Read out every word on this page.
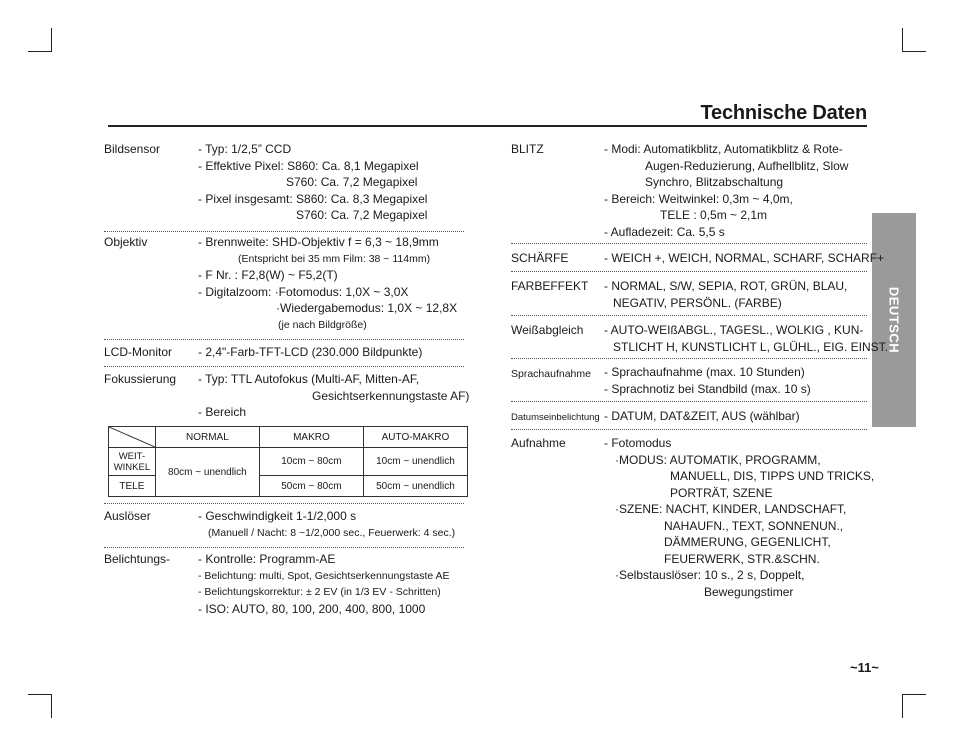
Technische Daten
DEUTSCH
Bildsensor	- Typ: 1/2,5” CCD
- Effektive Pixel: S860: Ca. 8,1 Megapixel
S760: Ca. 7,2 Megapixel
- Pixel insgesamt: S860: Ca. 8,3 Megapixel
S760: Ca. 7,2 Megapixel
Objektiv	- Brennweite: SHD-Objektiv f = 6,3 ~ 18,9mm
(Entspricht bei 35 mm Film: 38 ~ 114mm)
- F Nr. : F2,8(W) ~ F5,2(T)
- Digitalzoom: ·Fotomodus: 1,0X ~ 3,0X
·Wiedergabemodus: 1,0X ~ 12,8X
(je nach Bildgröße)
LCD-Monitor - 2,4"-Farb-TFT-LCD (230.000 Bildpunkte)
Fokussierung - Typ: TTL Autofokus (Multi-AF, Mitten-AF,
Gesichtserkennungstaste AF)
- Bereich
Auslöser	- Geschwindigkeit 1-1/2,000 s
(Manuell / Nacht: 8 ~1/2,000 sec., Feuerwerk: 4 sec.)
Belichtungs- - Kontrolle: Programm-AE
- Belichtung: multi, Spot, Gesichtserkennungstaste AE
- Belichtungskorrektur: ± 2 EV (in 1/3 EV - Schritten)
- ISO: AUTO, 80, 100, 200, 400, 800, 1000
	NORMAL	MAKRO	AUTO-MAKRO
WEIT-
WINKEL	80cm ~ unendlich	10cm ~ 80cm	10cm ~ unendlich
TELE		50cm ~ 80cm	50cm ~ unendlich
BLITZ	- Modi: Automatikblitz, Automatikblitz & Rote-
Augen-Reduzierung, Aufhellblitz, Slow
Synchro, Blitzabschaltung
- Bereich: Weitwinkel: 0,3m ~ 4,0m,
TELE : 0,5m ~ 2,1m
- Aufladezeit: Ca. 5,5 s
SCHÄRFE	- WEICH +, WEICH, NORMAL, SCHARF, SCHARF+
FARBEFFEKT - NORMAL, S/W, SEPIA, ROT, GRÜN, BLAU,
NEGATIV, PERSÖNL. (FARBE)
Weißabgleich - AUTO-WEIßABGL., TAGESL., WOLKIG , KUN-
STLICHT H, KUNSTLICHT L, GLÜHL., EIG. EINST.
Sprachaufnahme - Sprachaufnahme (max. 10 Stunden)
- Sprachnotiz bei Standbild (max. 10 s)
Datumseinbelichtung - DATUM, DAT&ZEIT, AUS (wählbar)
Aufnahme	- Fotomodus
·MODUS: AUTOMATIK, PROGRAMM,
MANUELL, DIS, TIPPS UND TRICKS,
PORTRÄT, SZENE
·SZENE: NACHT, KINDER, LANDSCHAFT,
NAHAUFN., TEXT, SONNENUN.,
DÄMMERUNG, GEGENLICHT,
FEUERWERK, STR.&SCHN.
·Selbstauslöser: 10 s., 2 s, Doppelt,
Bewegungstimer
~11~
